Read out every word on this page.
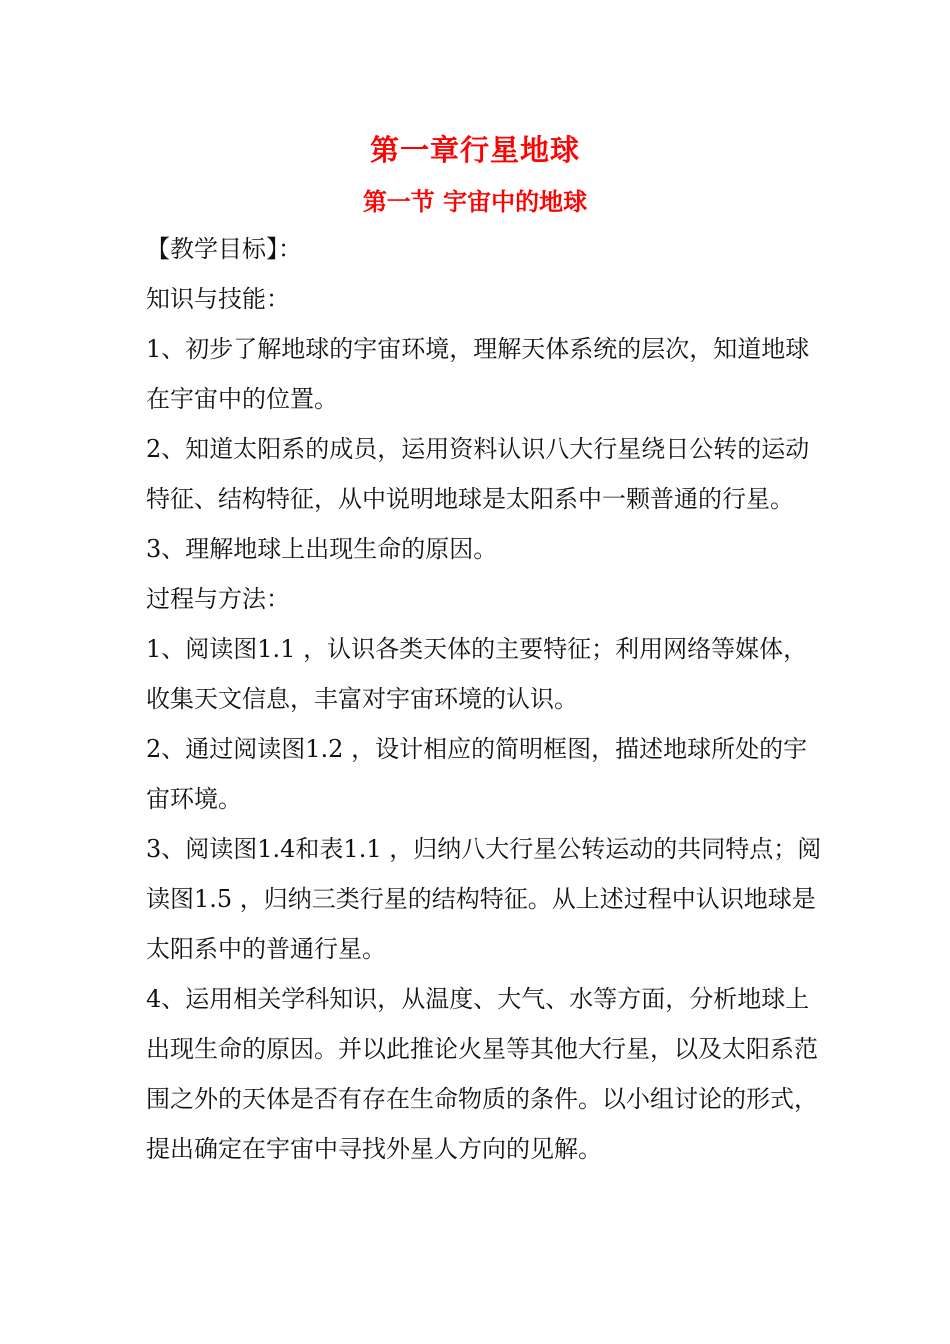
第一章行星地球
第一节 宇宙中的地球

【教学目标】：

知识与技能：

1、初步了解地球的宇宙环境，理解天体系统的层次，知道地球在宇宙中的位置。

2、知道太阳系的成员，运用资料认识八大行星绕日公转的运动特征、结构特征，从中说明地球是太阳系中一颗普通的行星。

3、理解地球上出现生命的原因。

过程与方法：

1、阅读图1.1 ，认识各类天体的主要特征；利用网络等媒体，收集天文信息，丰富对宇宙环境的认识。

2、通过阅读图1.2 ，设计相应的简明框图，描述地球所处的宇宙环境。

3、阅读图1.4和表1.1 ，归纳八大行星公转运动的共同特点；阅读图1.5 ，归纳三类行星的结构特征。从上述过程中认识地球是太阳系中的普通行星。

4、运用相关学科知识，从温度、大气、水等方面，分析地球上出现生命的原因。并以此推论火星等其他大行星，以及太阳系范围之外的天体是否有存在生命物质的条件。以小组讨论的形式，提出确定在宇宙中寻找外星人方向的见解。
